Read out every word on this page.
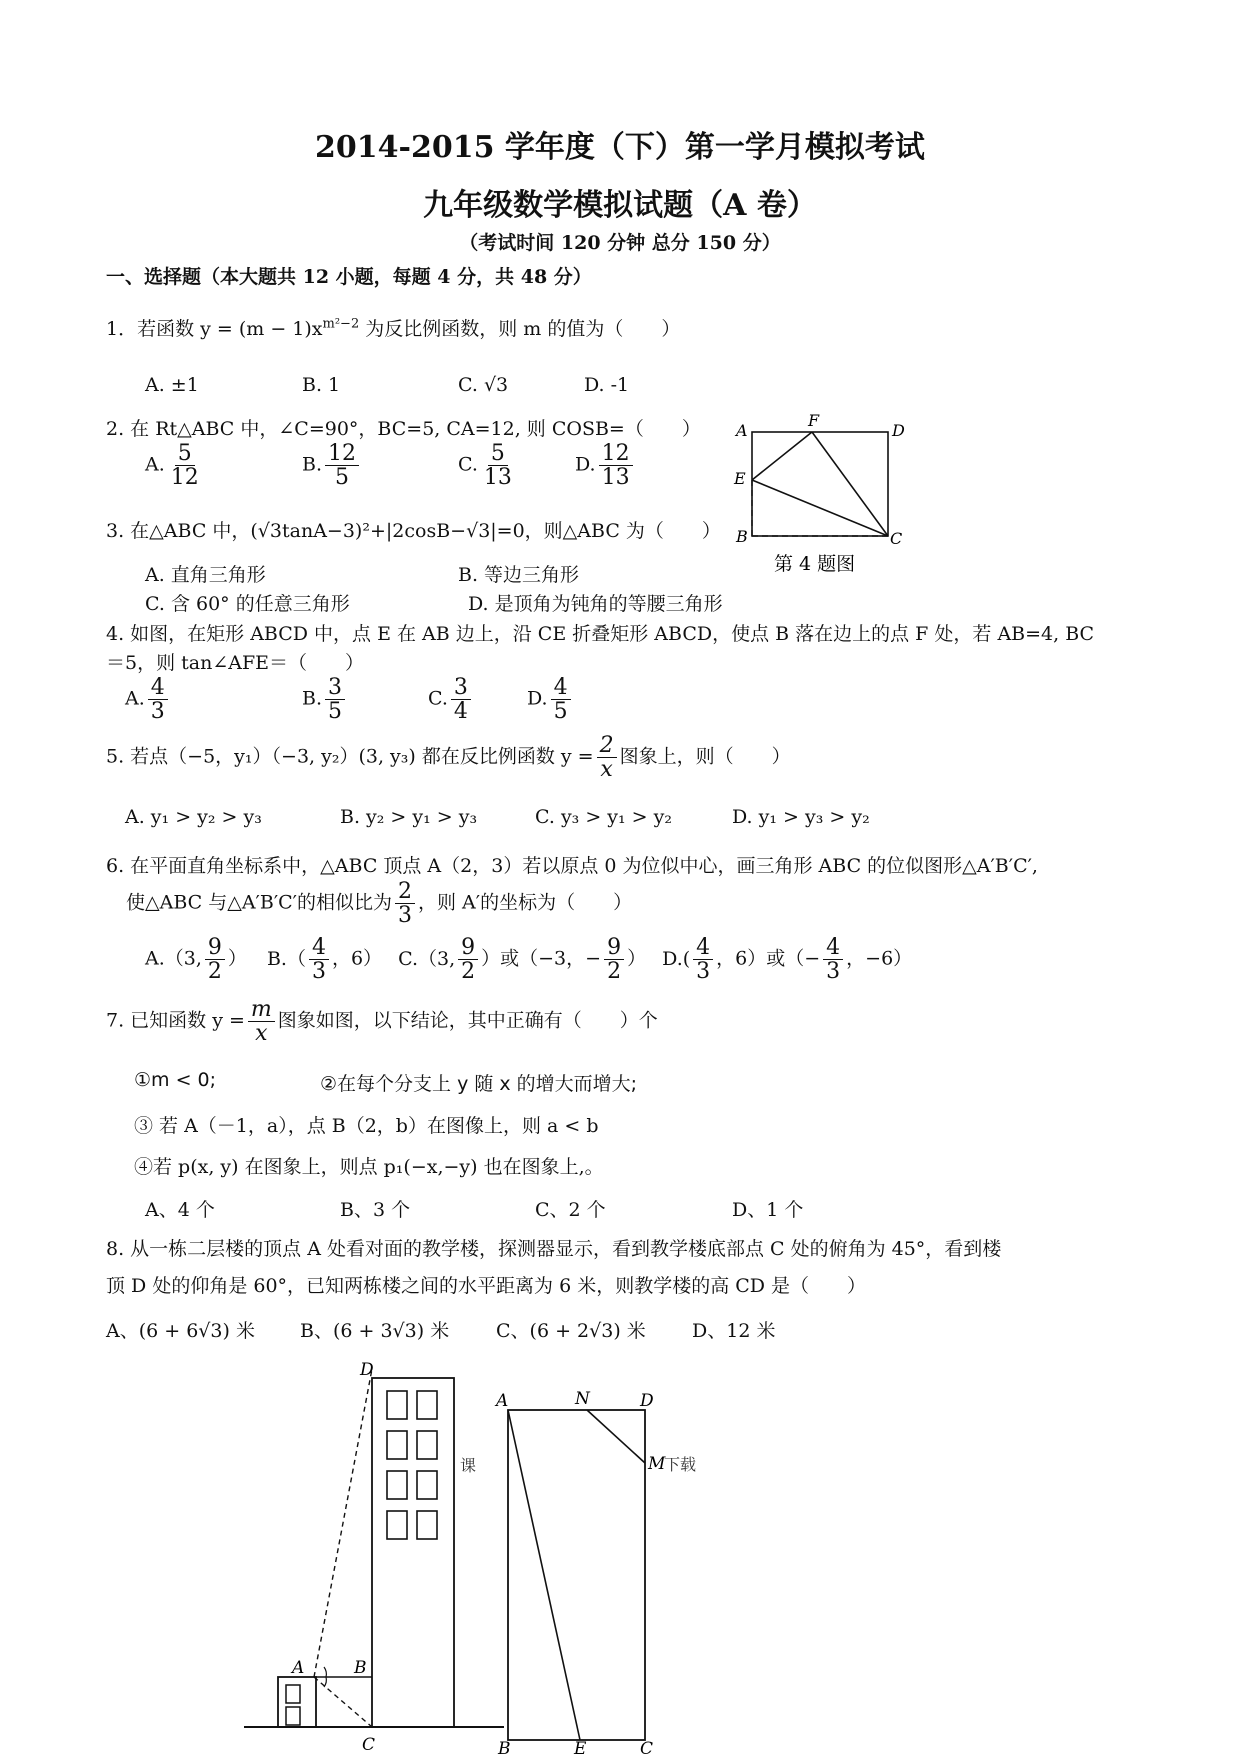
2014-2015 学年度（下）第一学月模拟考试
九年级数学模拟试题（A 卷）
（考试时间 120 分钟 总分 150 分）
一、选择题（本大题共 12 小题，每题 4 分，共 48 分）
1．若函数 $y = (m - 1)x^{m^2-2}$ 为反比例函数，则 m 的值为（　　）
A. ±1	B. 1	C. √3	D. -1
2. 在 Rt△ABC 中，∠C=90°，BC=5, CA=12, 则 COSB=（　　）
A. $\frac{5}{12}$	B. $\frac{12}{5}$	C. $\frac{5}{13}$	D. $\frac{12}{13}$
A
F
D
E
B	C
第 4 题图
3. 在△ABC 中，(√3tanA−3)²+|2cosB−√3|=0，则△ABC 为（　　）
A. 直角三角形	B. 等边三角形
C. 含 60° 的任意三角形	D. 是顶角为钝角的等腰三角形
4. 如图，在矩形 ABCD 中，点 E 在 AB 边上，沿 CE 折叠矩形 ABCD，使点 B 落在边上的点 F 处，若 AB=4, BC
＝5，则 tan∠AFE＝（　　）
A. $\frac{4}{3}$	B. $\frac{3}{5}$	C. $\frac{3}{4}$	D. $\frac{4}{5}$
5. 若点（−5，y₁）（−3, y₂）(3, y₃) 都在反比例函数 $y = \frac{2}{x}$ 图象上，则（　　）
A. y₁ > y₂ > y₃	B. y₂ > y₁ > y₃	C. y₃ > y₁ > y₂	D. y₁ > y₃ > y₂
6. 在平面直角坐标系中，△ABC 顶点 A（2，3）若以原点 0 为位似中心，画三角形 ABC 的位似图形△A′B′C′,
使△ABC 与△A′B′C′的相似比为 $\frac{2}{3}$ ，则 A′的坐标为（　　）
A.（3, $\frac{9}{2}$ ） $B.( \frac{4}{3}$ ，6） C.（3, $\frac{9}{2}$ ）或（−3，− $\frac{9}{2}$ ） $D.( \frac{4}{3}$ ，6）或（− $\frac{4}{3}$ ，−6）
7. 已知函数 $y = \frac{m}{x}$ 图象如图，以下结论，其中正确有（　　）个
①m < 0;	②在每个分支上 y 随 x 的增大而增大;
③ 若 A（－1，a），点 B（2，b）在图像上，则 a < b
④若 p(x, y) 在图象上，则点 p₁(−x,−y) 也在图象上,。
A、4 个	B、3 个	C、2 个	D、1 个
8. 从一栋二层楼的顶点 A 处看对面的教学楼，探测器显示，看到教学楼底部点 C 处的俯角为 45°，看到楼
顶 D 处的仰角是 60°，已知两栋楼之间的水平距离为 6 米，则教学楼的高 CD 是（　　）
A、(6 + 6√3) 米 B、(6 + 3√3) 米 C、(6 + 2√3) 米 D、12 米
D
A	B
C
课
A	N	D
M
B	E	C
下载
